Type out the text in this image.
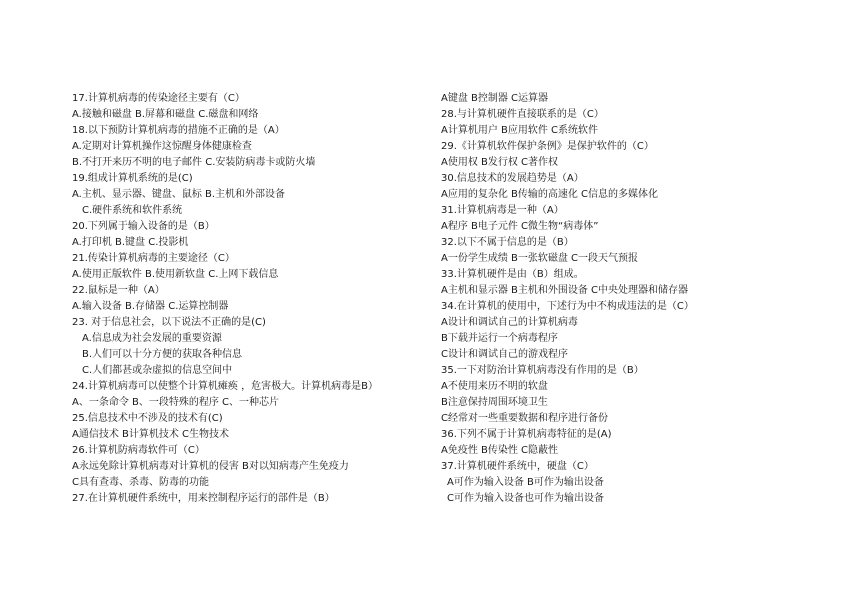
17.计算机病毒的传染途径主要有（C）
A.接触和磁盘 B.屏幕和磁盘 C.磁盘和网络
18.以下预防计算机病毒的措施不正确的是（A）
A.定期对计算机操作这惊醒身体健康检查
B.不打开来历不明的电子邮件 C.安装防病毒卡或防火墙
19.组成计算机系统的是(C)
A.主机、显示器、键盘、鼠标 B.主机和外部设备
C.硬件系统和软件系统
20.下列属于输入设备的是（B）
A.打印机 B.键盘 C.投影机
21.传染计算机病毒的主要途径（C）
A.使用正版软件 B.使用新软盘 C.上网下载信息
22.鼠标是一种（A）
A.输入设备 B.存储器 C.运算控制器
23. 对于信息社会，以下说法不正确的是(C)
A.信息成为社会发展的重要资源
B.人们可以十分方便的获取各种信息
C.人们都甚或杂虚拟的信息空间中
24.计算机病毒可以使整个计算机瘫痪 ，危害极大。计算机病毒是B）
A、一条命令 B、一段特殊的程序 C、一种芯片
25.信息技术中不涉及的技术有(C)
A通信技术 B计算机技术 C生物技术
26.计算机防病毒软件可（C）
A永远免除计算机病毒对计算机的侵害 B对以知病毒产生免疫力
C具有查毒、杀毒、防毒的功能
27.在计算机硬件系统中，用来控制程序运行的部件是（B）
A键盘 B控制器 C运算器
28.与计算机硬件直接联系的是（C）
A计算机用户 B应用软件 C系统软件
29.《计算机软件保护条例》是保护软件的（C）
A使用权 B发行权 C著作权
30.信息技术的发展趋势是（A）
A应用的复杂化 B传输的高速化 C信息的多媒体化
31.计算机病毒是一种（A）
A程序 B电子元件 C微生物“病毒体”
32.以下不属于信息的是（B）
A一份学生成绩 B一张软磁盘 C一段天气预报
33.计算机硬件是由（B）组成。
A主机和显示器 B主机和外围设备 C中央处理器和储存器
34.在计算机的使用中，下述行为中不构成违法的是（C）
A设计和调试自己的计算机病毒
B下载并运行一个病毒程序
C设计和调试自己的游戏程序
35.一下对防治计算机病毒没有作用的是（B）
A不使用来历不明的软盘
B注意保持周围环境卫生
C经常对一些重要数据和程序进行备份
36.下列不属于计算机病毒特征的是(A)
A免疫性 B传染性 C隐蔽性
37.计算机硬件系统中，硬盘（C）
A可作为输入设备 B可作为输出设备
C可作为输入设备也可作为输出设备
